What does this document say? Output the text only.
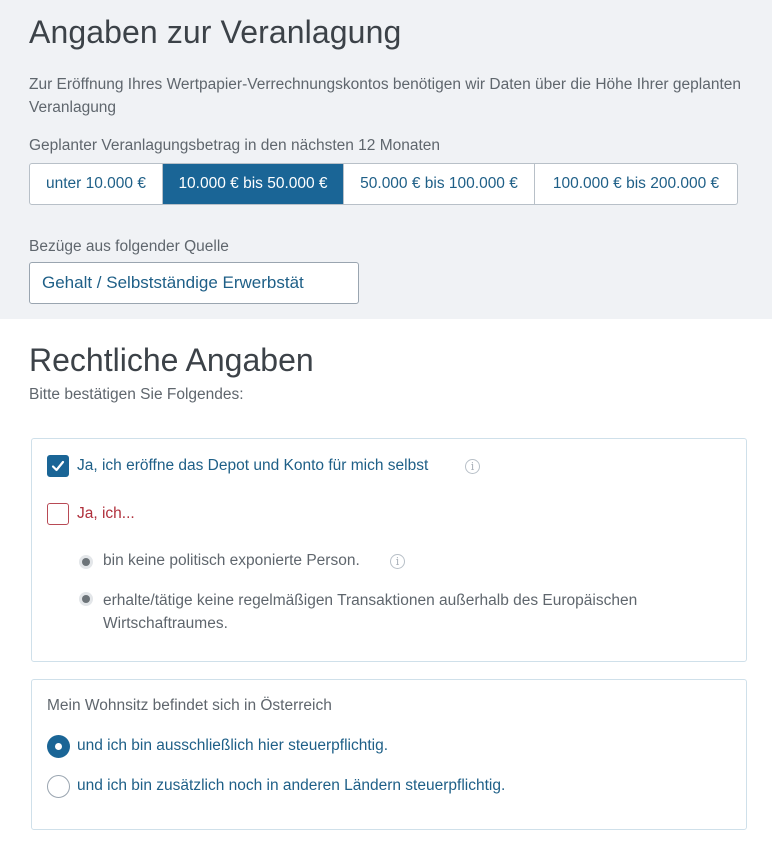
Angaben zur Veranlagung
Zur Eröffnung Ihres Wertpapier-Verrechnungskontos benötigen wir Daten über die Höhe Ihrer geplanten Veranlagung
Geplanter Veranlagungsbetrag in den nächsten 12 Monaten
unter 10.000 €	10.000 € bis 50.000 €	50.000 € bis 100.000 €	100.000 € bis 200.000 €
Bezüge aus folgender Quelle
Gehalt / Selbstständige Erwerbstät
Rechtliche Angaben
Bitte bestätigen Sie Folgendes:
Ja, ich eröffne das Depot und Konto für mich selbst	i
Ja, ich...
bin keine politisch exponierte Person.	i
erhalte/tätige keine regelmäßigen Transaktionen außerhalb des Europäischen Wirtschaftraumes.
Mein Wohnsitz befindet sich in Österreich
und ich bin ausschließlich hier steuerpflichtig.
und ich bin zusätzlich noch in anderen Ländern steuerpflichtig.
